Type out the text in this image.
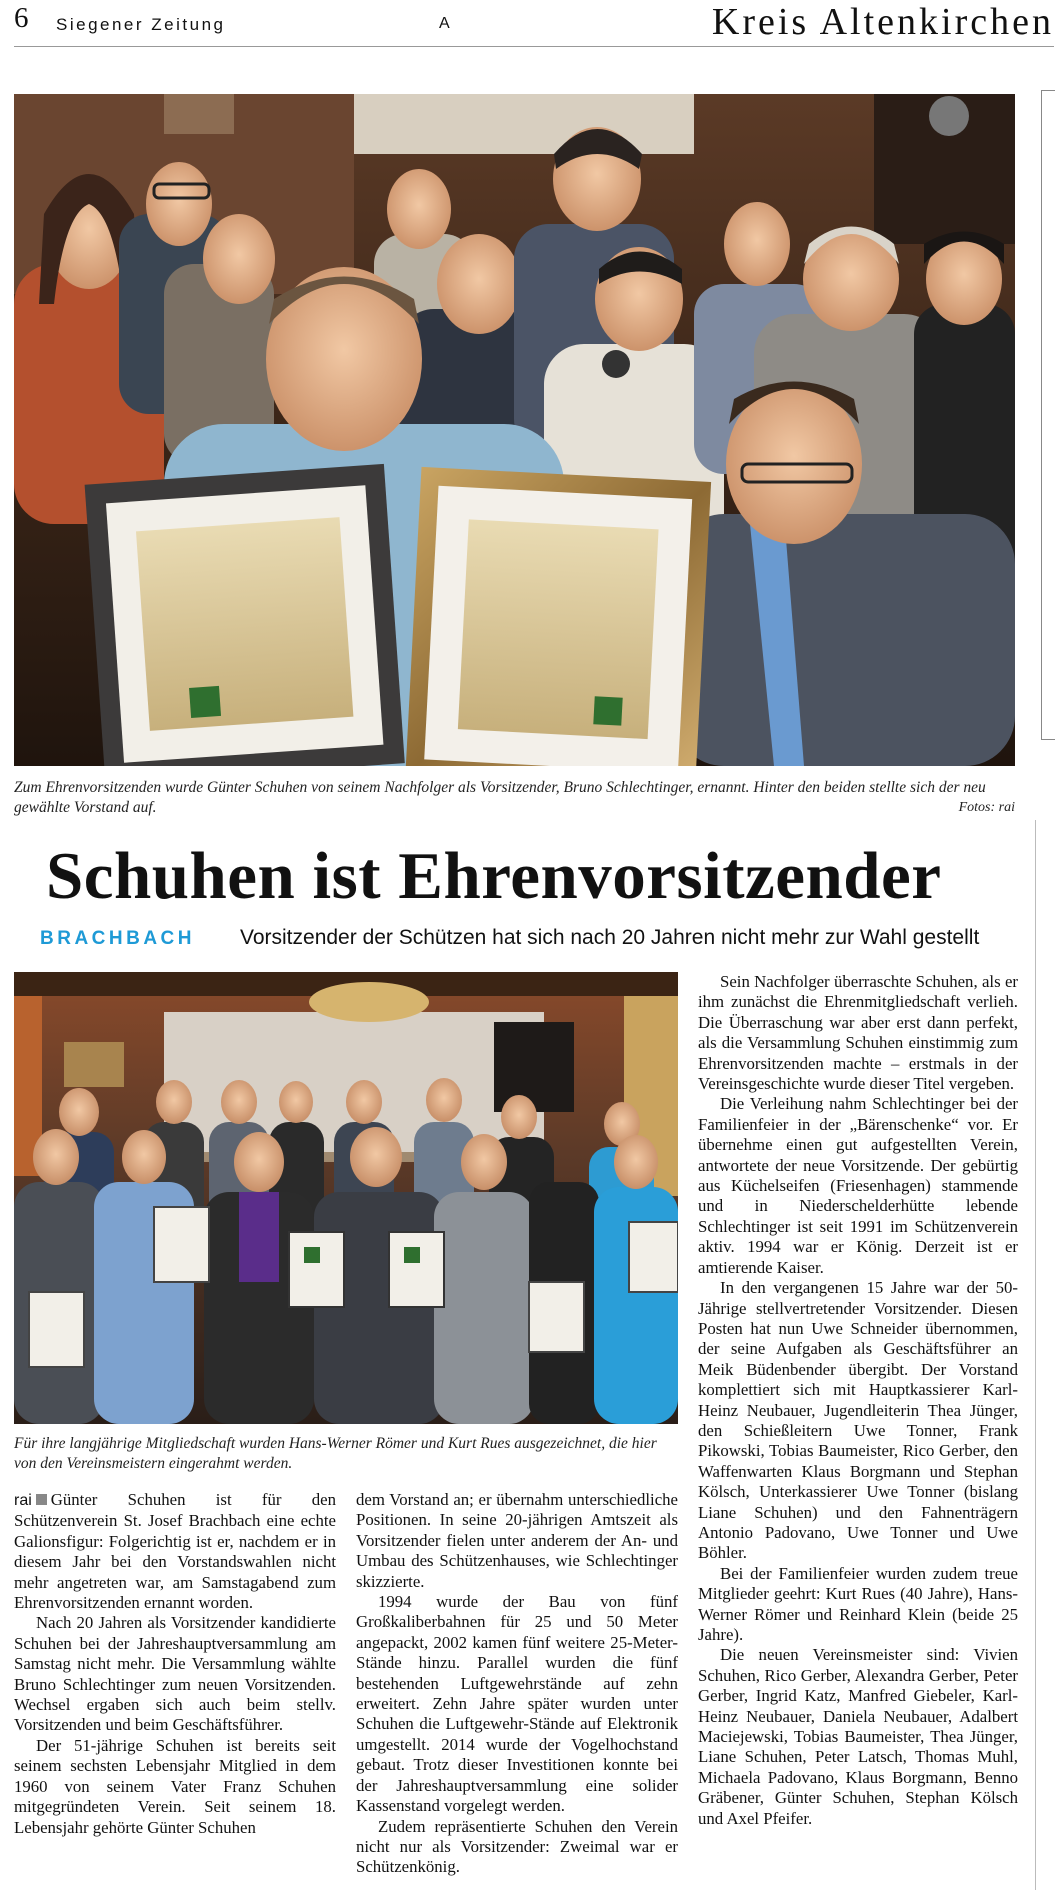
6 Siegener Zeitung	A	Kreis Altenkirchen
Zum Ehrenvorsitzenden wurde Günter Schuhen von seinem Nachfolger als Vorsitzender, Bruno Schlechtinger, ernannt. Hinter den beiden stellte sich der neu gewählte Vorstand auf.	Fotos: rai
Schuhen ist Ehrenvorsitzender
BRACHBACH Vorsitzender der Schützen hat sich nach 20 Jahren nicht mehr zur Wahl gestellt
Für ihre langjährige Mitgliedschaft wurden Hans-Werner Römer und Kurt Rues ausgezeichnet, die hier von den Vereinsmeistern eingerahmt werden.

rai Günter Schuhen ist für den Schützenverein St. Josef Brachbach eine echte Galionsfigur: Folgerichtig ist er, nachdem er in diesem Jahr bei den Vorstandswahlen nicht mehr angetreten war, am Samstagabend zum Ehrenvorsitzenden ernannt worden.

Nach 20 Jahren als Vorsitzender kandidierte Schuhen bei der Jahreshauptversammlung am Samstag nicht mehr. Die Versammlung wählte Bruno Schlechtinger zum neuen Vorsitzenden. Wechsel ergaben sich auch beim stellv. Vorsitzenden und beim Geschäftsführer.

Der 51-jährige Schuhen ist bereits seit seinem sechsten Lebensjahr Mitglied in dem 1960 von seinem Vater Franz Schuhen mitgegründeten Verein. Seit seinem 18. Lebensjahr gehörte Günter Schuhen

dem Vorstand an; er übernahm unterschiedliche Positionen. In seine 20-jährigen Amtszeit als Vorsitzender fielen unter anderem der An- und Umbau des Schützenhauses, wie Schlechtinger skizzierte.

1994 wurde der Bau von fünf Großkaliberbahnen für 25 und 50 Meter angepackt, 2002 kamen fünf weitere 25-Meter-Stände hinzu. Parallel wurden die fünf bestehenden Luftgewehrstände auf zehn erweitert. Zehn Jahre später wurden unter Schuhen die Luftgewehr-Stände auf Elektronik umgestellt. 2014 wurde der Vogelhochstand gebaut. Trotz dieser Investitionen konnte bei der Jahreshauptversammlung eine solider Kassenstand vorgelegt werden.

Zudem repräsentierte Schuhen den Verein nicht nur als Vorsitzender: Zweimal war er Schützenkönig.

Sein Nachfolger überraschte Schuhen, als er ihm zunächst die Ehrenmitgliedschaft verlieh. Die Überraschung war aber erst dann perfekt, als die Versammlung Schuhen einstimmig zum Ehrenvorsitzenden machte – erstmals in der Vereinsgeschichte wurde dieser Titel vergeben.

Die Verleihung nahm Schlechtinger bei der Familienfeier in der „Bärenschenke“ vor. Er übernehme einen gut aufgestellten Verein, antwortete der neue Vorsitzende. Der gebürtig aus Küchelseifen (Friesenhagen) stammende und in Niederschelderhütte lebende Schlechtinger ist seit 1991 im Schützenverein aktiv. 1994 war er König. Derzeit ist er amtierende Kaiser.

In den vergangenen 15 Jahre war der 50-Jährige stellvertretender Vorsitzender. Diesen Posten hat nun Uwe Schneider übernommen, der seine Aufgaben als Geschäftsführer an Meik Büdenbender übergibt. Der Vorstand komplettiert sich mit Hauptkassierer Karl-Heinz Neubauer, Jugendleiterin Thea Jünger, den Schießleitern Uwe Tonner, Frank Pikowski, Tobias Baumeister, Rico Gerber, den Waffenwarten Klaus Borgmann und Stephan Kölsch, Unterkassierer Uwe Tonner (bislang Liane Schuhen) und den Fahnenträgern Antonio Padovano, Uwe Tonner und Uwe Böhler.

Bei der Familienfeier wurden zudem treue Mitglieder geehrt: Kurt Rues (40 Jahre), Hans-Werner Römer und Reinhard Klein (beide 25 Jahre).

Die neuen Vereinsmeister sind: Vivien Schuhen, Rico Gerber, Alexandra Gerber, Peter Gerber, Ingrid Katz, Manfred Giebeler, Karl-Heinz Neubauer, Daniela Neubauer, Adalbert Maciejewski, Tobias Baumeister, Thea Jünger, Liane Schuhen, Peter Latsch, Thomas Muhl, Michaela Padovano, Klaus Borgmann, Benno Gräbener, Günter Schuhen, Stephan Kölsch und Axel Pfeifer.
